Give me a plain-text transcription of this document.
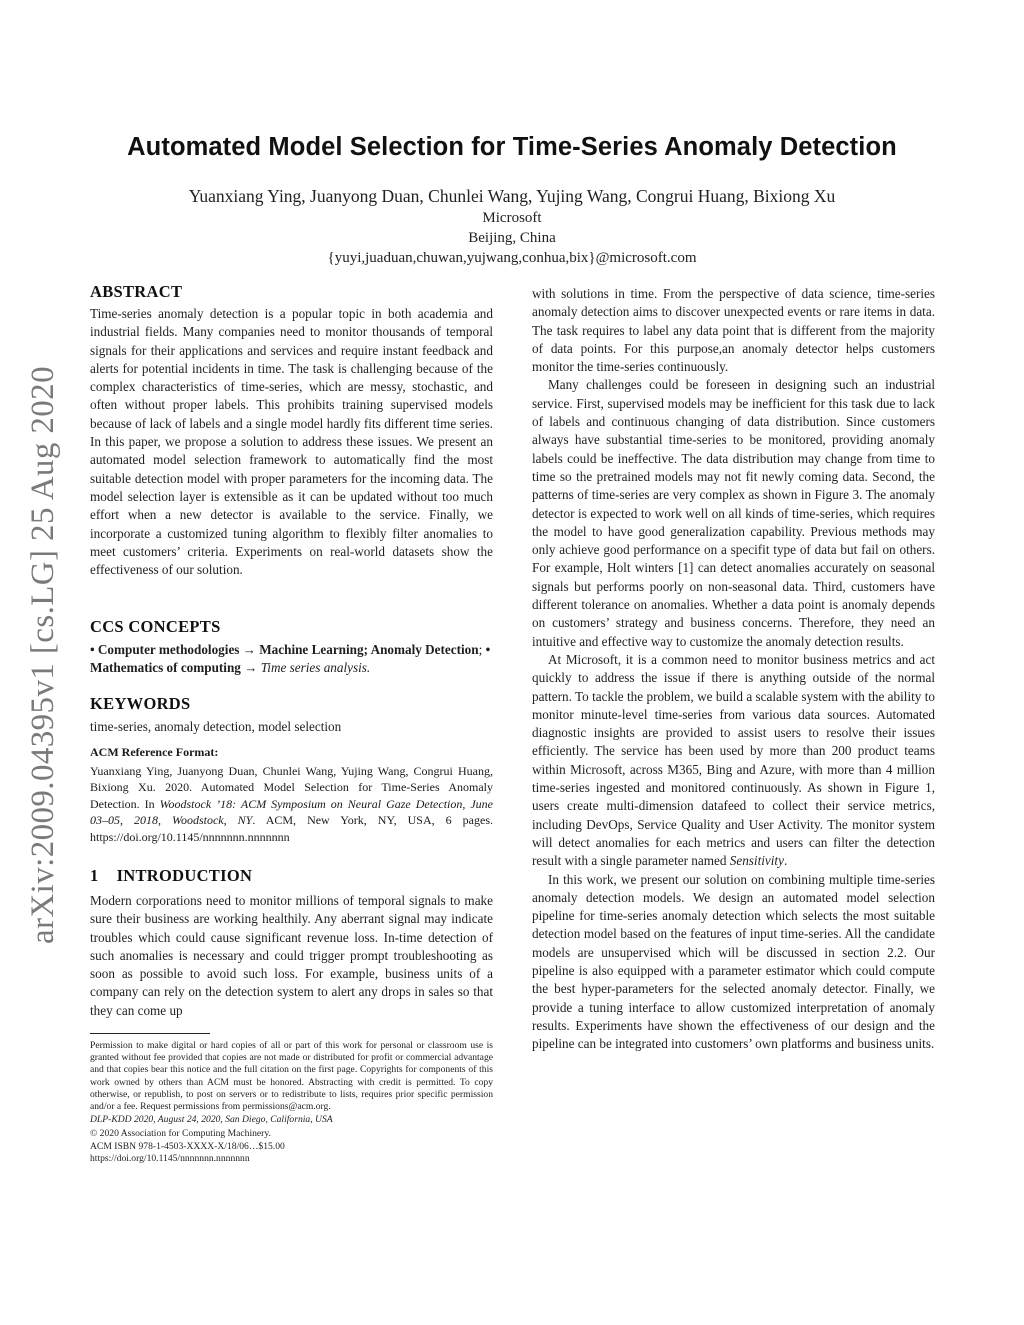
arXiv:2009.04395v1 [cs.LG] 25 Aug 2020
Automated Model Selection for Time-Series Anomaly Detection
Yuanxiang Ying, Juanyong Duan, Chunlei Wang, Yujing Wang, Congrui Huang, Bixiong Xu
Microsoft
Beijing, China
{yuyi,juaduan,chuwan,yujwang,conhua,bix}@microsoft.com
ABSTRACT

Time-series anomaly detection is a popular topic in both academia and industrial fields. Many companies need to monitor thousands of temporal signals for their applications and services and require instant feedback and alerts for potential incidents in time. The task is challenging because of the complex characteristics of time-series, which are messy, stochastic, and often without proper labels. This prohibits training supervised models because of lack of labels and a single model hardly fits different time series. In this paper, we propose a solution to address these issues. We present an automated model selection framework to automatically find the most suitable detection model with proper parameters for the incoming data. The model selection layer is extensible as it can be updated without too much effort when a new detector is available to the service. Finally, we incorporate a customized tuning algorithm to flexibly filter anomalies to meet customers’ criteria. Experiments on real-world datasets show the effectiveness of our solution.

CCS CONCEPTS

• Computer methodologies → Machine Learning; Anomaly Detection; • Mathematics of computing → Time series analysis.

KEYWORDS

time-series, anomaly detection, model selection

ACM Reference Format:

Yuanxiang Ying, Juanyong Duan, Chunlei Wang, Yujing Wang, Congrui Huang, Bixiong Xu. 2020. Automated Model Selection for Time-Series Anomaly Detection. In Woodstock ’18: ACM Symposium on Neural Gaze Detection, June 03–05, 2018, Woodstock, NY. ACM, New York, NY, USA, 6 pages. https://doi.org/10.1145/nnnnnnn.nnnnnnn

1 INTRODUCTION

Modern corporations need to monitor millions of temporal signals to make sure their business are working healthily. Any aberrant signal may indicate troubles which could cause significant revenue loss. In-time detection of such anomalies is necessary and could trigger prompt troubleshooting as soon as possible to avoid such loss. For example, business units of a company can rely on the detection system to alert any drops in sales so that they can come up

Permission to make digital or hard copies of all or part of this work for personal or classroom use is granted without fee provided that copies are not made or distributed for profit or commercial advantage and that copies bear this notice and the full citation on the first page. Copyrights for components of this work owned by others than ACM must be honored. Abstracting with credit is permitted. To copy otherwise, or republish, to post on servers or to redistribute to lists, requires prior specific permission and/or a fee. Request permissions from permissions@acm.org.

DLP-KDD 2020, August 24, 2020, San Diego, California, USA

© 2020 Association for Computing Machinery.

ACM ISBN 978-1-4503-XXXX-X/18/06…$15.00

https://doi.org/10.1145/nnnnnnn.nnnnnnn

with solutions in time. From the perspective of data science, time-series anomaly detection aims to discover unexpected events or rare items in data. The task requires to label any data point that is different from the majority of data points. For this purpose,an anomaly detector helps customers monitor the time-series continuously.

Many challenges could be foreseen in designing such an industrial service. First, supervised models may be inefficient for this task due to lack of labels and continuous changing of data distribution. Since customers always have substantial time-series to be monitored, providing anomaly labels could be ineffective. The data distribution may change from time to time so the pretrained models may not fit newly coming data. Second, the patterns of time-series are very complex as shown in Figure 3. The anomaly detector is expected to work well on all kinds of time-series, which requires the model to have good generalization capability. Previous methods may only achieve good performance on a specifit type of data but fail on others. For example, Holt winters [1] can detect anomalies accurately on seasonal signals but performs poorly on non-seasonal data. Third, customers have different tolerance on anomalies. Whether a data point is anomaly depends on customers’ strategy and business concerns. Therefore, they need an intuitive and effective way to customize the anomaly detection results.

At Microsoft, it is a common need to monitor business metrics and act quickly to address the issue if there is anything outside of the normal pattern. To tackle the problem, we build a scalable system with the ability to monitor minute-level time-series from various data sources. Automated diagnostic insights are provided to assist users to resolve their issues efficiently. The service has been used by more than 200 product teams within Microsoft, across M365, Bing and Azure, with more than 4 million time-series ingested and monitored continuously. As shown in Figure 1, users create multi-dimension datafeed to collect their service metrics, including DevOps, Service Quality and User Activity. The monitor system will detect anomalies for each metrics and users can filter the detection result with a single parameter named Sensitivity.

In this work, we present our solution on combining multiple time-series anomaly detection models. We design an automated model selection pipeline for time-series anomaly detection which selects the most suitable detection model based on the features of input time-series. All the candidate models are unsupervised which will be discussed in section 2.2. Our pipeline is also equipped with a parameter estimator which could compute the best hyper-parameters for the selected anomaly detector. Finally, we provide a tuning interface to allow customized interpretation of anomaly results. Experiments have shown the effectiveness of our design and the pipeline can be integrated into customers’ own platforms and business units.
